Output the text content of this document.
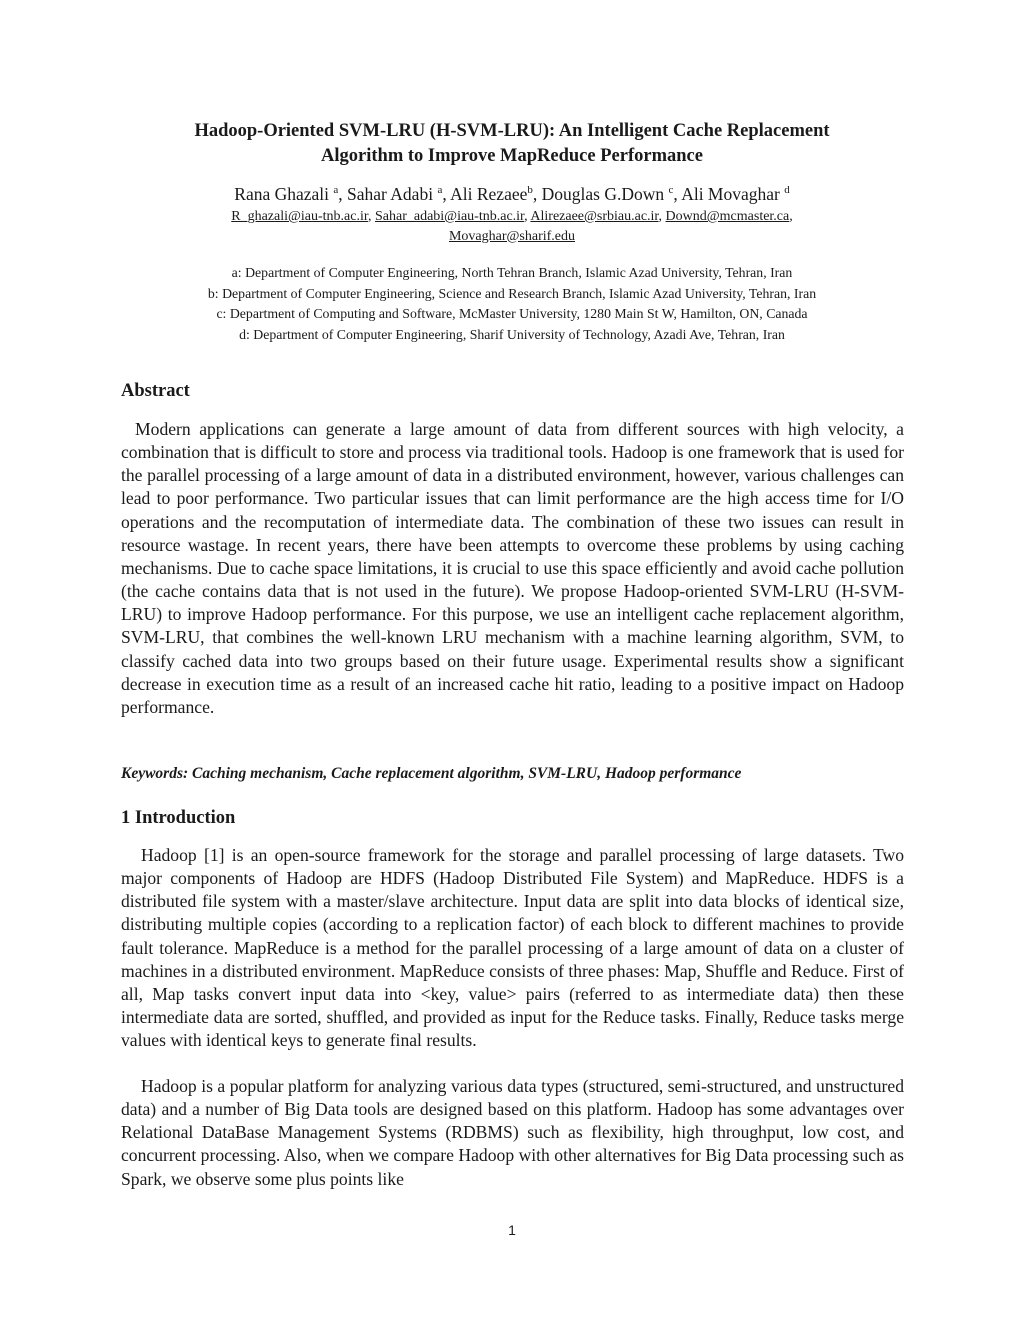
Hadoop-Oriented SVM-LRU (H-SVM-LRU): An Intelligent Cache Replacement
Algorithm to Improve MapReduce Performance
Rana Ghazali $^a$, Sahar Adabi $^a$, Ali Rezaee$^b$, Douglas G.Down $^c$, Ali Movaghar $^d$
R_ghazali@iau-tnb.ac.ir, Sahar_adabi@iau-tnb.ac.ir, Alirezaee@srbiau.ac.ir, Downd@mcmaster.ca,
Movaghar@sharif.edu
a: Department of Computer Engineering, North Tehran Branch, Islamic Azad University, Tehran, Iran
b: Department of Computer Engineering, Science and Research Branch, Islamic Azad University, Tehran, Iran
c: Department of Computing and Software, McMaster University, 1280 Main St W, Hamilton, ON, Canada
d: Department of Computer Engineering, Sharif University of Technology, Azadi Ave, Tehran, Iran
Abstract
Modern applications can generate a large amount of data from different sources with high velocity, a combination that is difficult to store and process via traditional tools. Hadoop is one framework that is used for the parallel processing of a large amount of data in a distributed environment, however, various challenges can lead to poor performance. Two particular issues that can limit performance are the high access time for I/O operations and the recomputation of intermediate data. The combination of these two issues can result in resource wastage. In recent years, there have been attempts to overcome these problems by using caching mechanisms. Due to cache space limitations, it is crucial to use this space efficiently and avoid cache pollution (the cache contains data that is not used in the future). We propose Hadoop-oriented SVM-LRU (H-SVM-LRU) to improve Hadoop performance. For this purpose, we use an intelligent cache replacement algorithm, SVM-LRU, that combines the well-known LRU mechanism with a machine learning algorithm, SVM, to classify cached data into two groups based on their future usage. Experimental results show a significant decrease in execution time as a result of an increased cache hit ratio, leading to a positive impact on Hadoop performance.
Keywords: Caching mechanism, Cache replacement algorithm, SVM-LRU, Hadoop performance
1 Introduction
Hadoop [1] is an open-source framework for the storage and parallel processing of large datasets. Two major components of Hadoop are HDFS (Hadoop Distributed File System) and MapReduce. HDFS is a distributed file system with a master/slave architecture. Input data are split into data blocks of identical size, distributing multiple copies (according to a replication factor) of each block to different machines to provide fault tolerance. MapReduce is a method for the parallel processing of a large amount of data on a cluster of machines in a distributed environment. MapReduce consists of three phases: Map, Shuffle and Reduce. First of all, Map tasks convert input data into <key, value> pairs (referred to as intermediate data) then these intermediate data are sorted, shuffled, and provided as input for the Reduce tasks. Finally, Reduce tasks merge values with identical keys to generate final results.
Hadoop is a popular platform for analyzing various data types (structured, semi-structured, and unstructured data) and a number of Big Data tools are designed based on this platform. Hadoop has some advantages over Relational DataBase Management Systems (RDBMS) such as flexibility, high throughput, low cost, and concurrent processing. Also, when we compare Hadoop with other alternatives for Big Data processing such as Spark, we observe some plus points like
1
